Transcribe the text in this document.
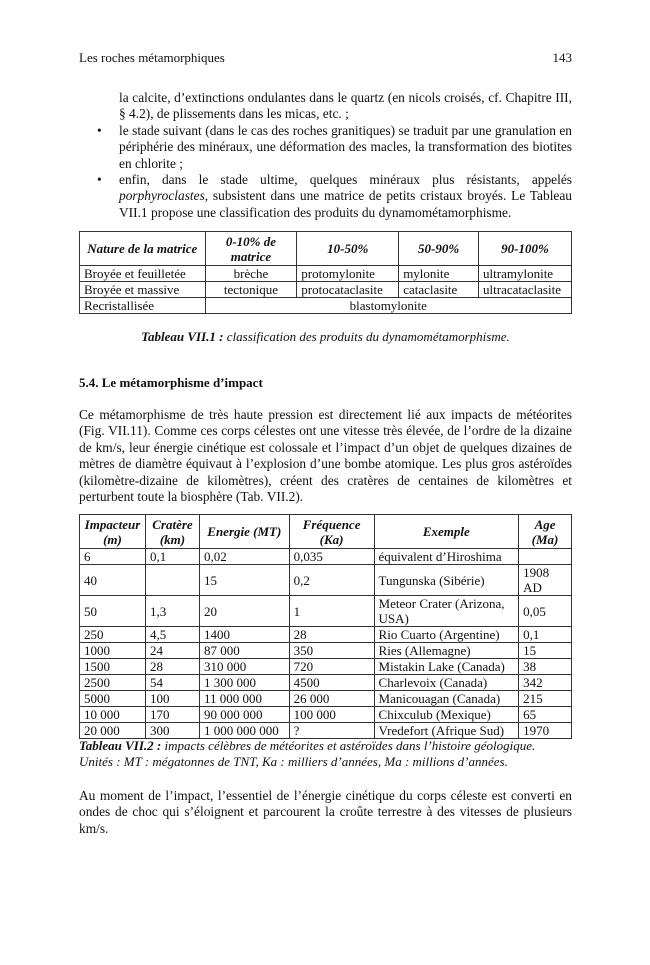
Les roches métamorphiques	143

la calcite, d’extinctions ondulantes dans le quartz (en nicols croisés, cf. Chapitre III, § 4.2), de plissements dans les micas, etc. ;

• le stade suivant (dans le cas des roches granitiques) se traduit par une granulation en périphérie des minéraux, une déformation des macles, la transformation des biotites en chlorite ;

• enfin, dans le stade ultime, quelques minéraux plus résistants, appelés porphyroclastes, subsistent dans une matrice de petits cristaux broyés. Le Tableau VII.1 propose une classification des produits du dynamométamorphisme.

Nature de la matrice	0-10% de matrice	10-50%	50-90%	90-100%
Broyée et feuilletée	brèche	protomylonite	mylonite	ultramylonite
Broyée et massive	tectonique	protocataclasite	cataclasite	ultracataclasite
Recristallisée	blastomylonite			
Tableau VII.1 : classification des produits du dynamométamorphisme.
5.4. Le métamorphisme d’impact

Ce métamorphisme de très haute pression est directement lié aux impacts de météorites (Fig. VII.11). Comme ces corps célestes ont une vitesse très élevée, de l’ordre de la dizaine de km/s, leur énergie cinétique est colossale et l’impact d’un objet de quelques dizaines de mètres de diamètre équivaut à l’explosion d’une bombe atomique. Les plus gros astéroïdes (kilomètre-dizaine de kilomètres), créent des cratères de centaines de kilomètres et perturbent toute la biosphère (Tab. VII.2).

Impacteur (m)	Cratère (km)	Energie (MT)	Fréquence (Ka)	Exemple	Age (Ma)
6	0,1	0,02	0,035	équivalent d’Hiroshima	
40		15	0,2	Tungunska (Sibérie)	1908 AD
50	1,3	20	1	Meteor Crater (Arizona, USA)	0,05
250	4,5	1400	28	Rio Cuarto (Argentine)	0,1
1000	24	87 000	350	Ries (Allemagne)	15
1500	28	310 000	720	Mistakin Lake (Canada)	38
2500	54	1 300 000	4500	Charlevoix (Canada)	342
5000	100	11 000 000	26 000	Manicouagan (Canada)	215
10 000	170	90 000 000	100 000	Chixculub (Mexique)	65
20 000	300	1 000 000 000	?	Vredefort (Afrique Sud)	1970
Tableau VII.2 : impacts célèbres de météorites et astéroïdes dans l’histoire géologique. Unités : MT : mégatonnes de TNT, Ka : milliers d’années, Ma : millions d’années.

Au moment de l’impact, l’essentiel de l’énergie cinétique du corps céleste est converti en ondes de choc qui s’éloignent et parcourent la croûte terrestre à des vitesses de plusieurs km/s.
